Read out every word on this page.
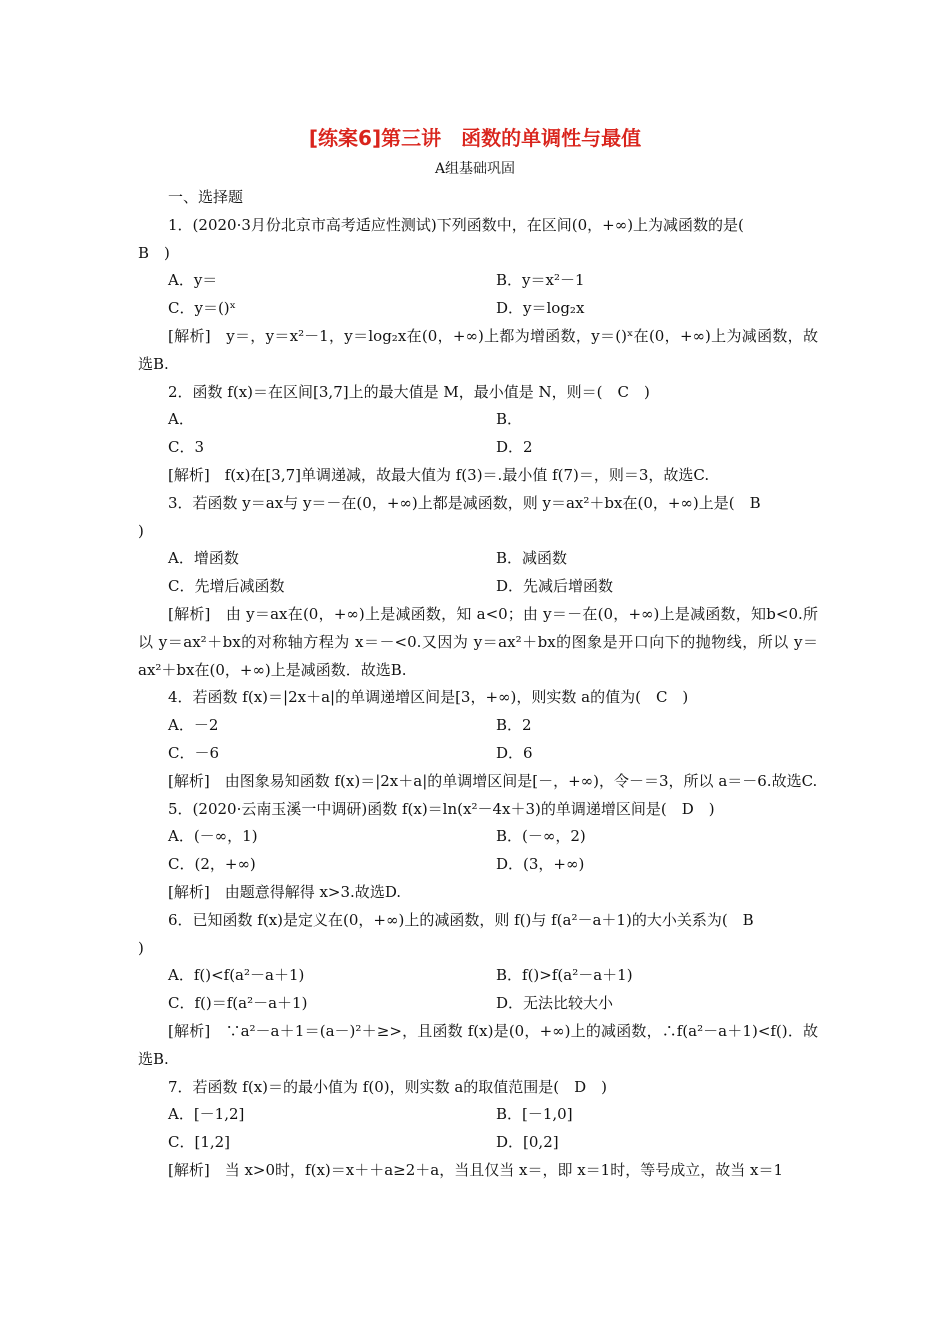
[练案6]第三讲　函数的单调性与最值
A组基础巩固
一、选择题
1．(2020·3月份北京市高考适应性测试)下列函数中，在区间(0，+∞)上为减函数的是(
B　)
A．y＝	B．y＝x²－1
C．y＝()ˣ	D．y＝log₂x
[解析]　y＝，y＝x²－1，y＝log₂x在(0，+∞)上都为增函数，y＝()ˣ在(0，+∞)上为减函数，故选B.
2．函数 f(x)＝在区间[3,7]上的最大值是 M，最小值是 N，则＝(　C　)
A．	B．
C．3	D．2
[解析]　f(x)在[3,7]单调递减，故最大值为 f(3)＝.最小值 f(7)＝，则＝3，故选C.
3．若函数 y＝ax与 y＝－在(0，+∞)上都是减函数，则 y＝ax²＋bx在(0，+∞)上是(　B
)
A．增函数	B．减函数
C．先增后减函数	D．先减后增函数
[解析]　由 y＝ax在(0，+∞)上是减函数，知 a<0；由 y＝－在(0，+∞)上是减函数，知b<0.所以 y＝ax²＋bx的对称轴方程为 x＝－<0.又因为 y＝ax²＋bx的图象是开口向下的抛物线，所以 y＝ax²＋bx在(0，+∞)上是减函数．故选B.
4．若函数 f(x)＝|2x＋a|的单调递增区间是[3，+∞)，则实数 a的值为(　C　)
A．－2	B．2
C．－6	D．6
[解析]　由图象易知函数 f(x)＝|2x＋a|的单调增区间是[－，+∞)，令－＝3，所以 a＝－6.故选C.
5．(2020·云南玉溪一中调研)函数 f(x)＝ln(x²－4x＋3)的单调递增区间是(　D　)
A．(－∞，1)	B．(－∞，2)
C．(2，+∞)	D．(3，+∞)
[解析]　由题意得解得 x>3.故选D.
6．已知函数 f(x)是定义在(0，+∞)上的减函数，则 f()与 f(a²－a＋1)的大小关系为(　B
)
A．f()<f(a²－a＋1)	B．f()>f(a²－a＋1)
C．f()＝f(a²－a＋1)	D．无法比较大小
[解析]　∵a²－a＋1＝(a－)²＋≥>，且函数 f(x)是(0，+∞)上的减函数，∴f(a²－a＋1)<f()．故选B.
7．若函数 f(x)＝的最小值为 f(0)，则实数 a的取值范围是(　D　)
A．[－1,2]	B．[－1,0]
C．[1,2]	D．[0,2]
[解析]　当 x>0时，f(x)＝x＋＋a≥2＋a，当且仅当 x＝，即 x＝1时，等号成立，故当 x＝1
